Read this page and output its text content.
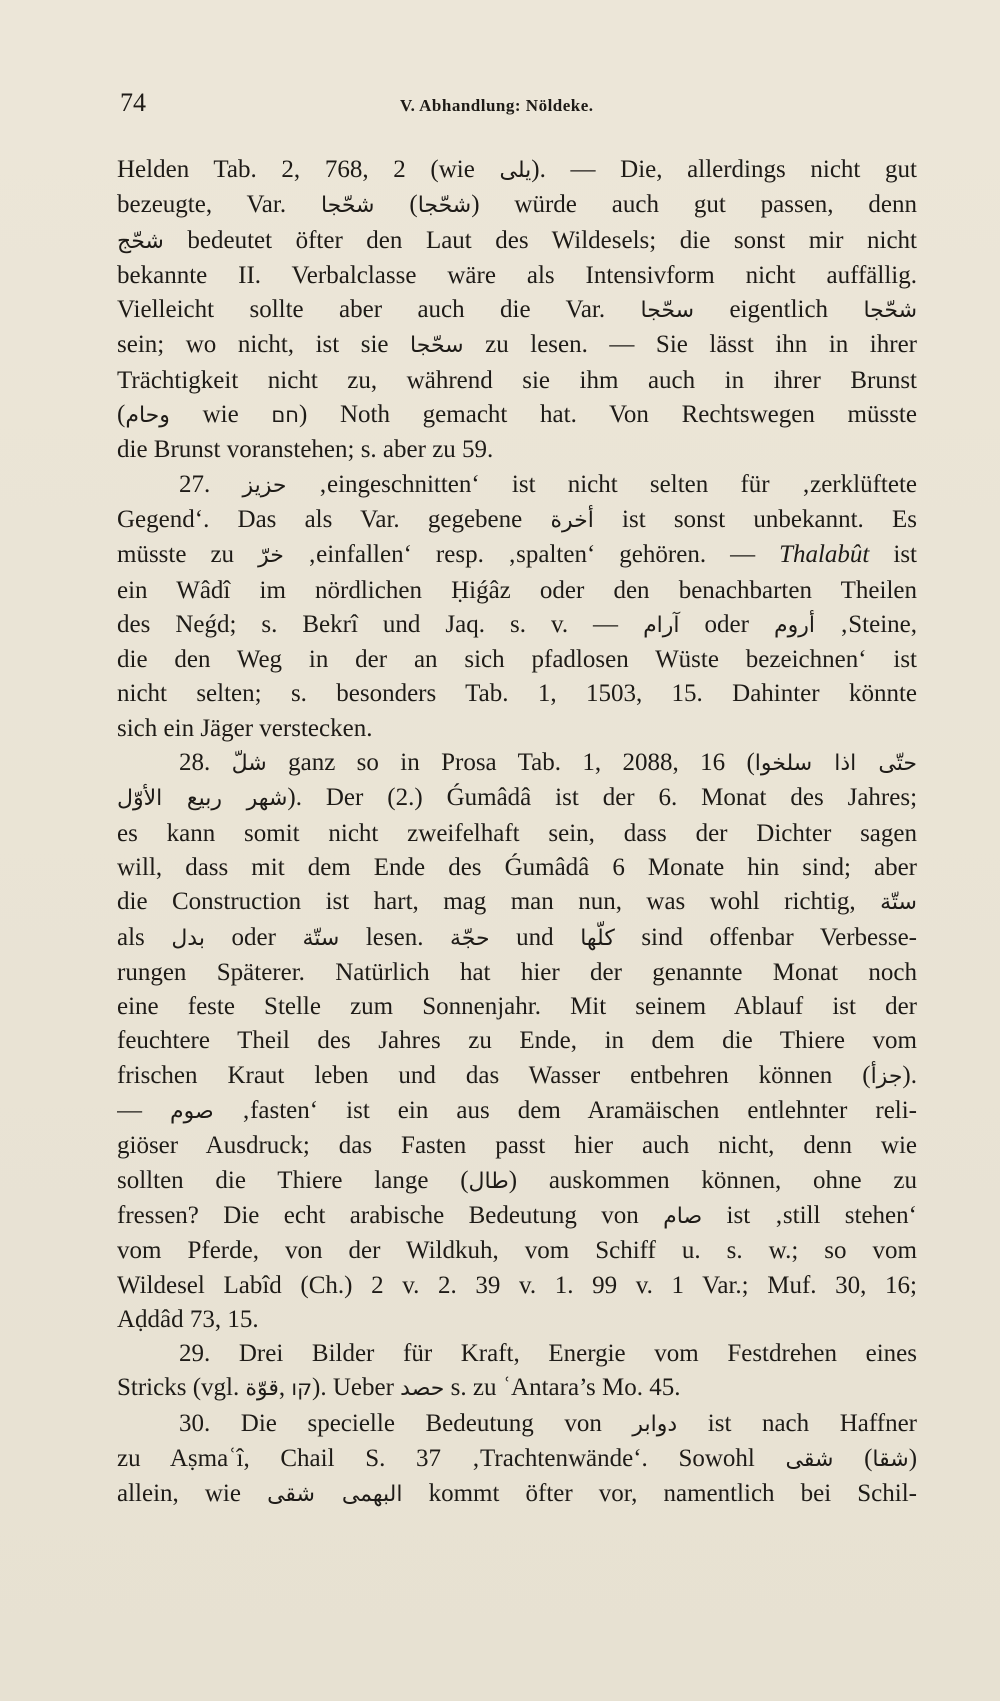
74	V. Abhandlung: Nöldeke.
Helden Tab. 2, 768, 2 (wie يلى). — Die, allerdings nicht gut
bezeugte, Var. شحّجا (شحّجا) würde auch gut passen, denn
شحّج bedeutet öfter den Laut des Wildesels; die sonst mir nicht
bekannte II. Verbalclasse wäre als Intensivform nicht auffällig.
Vielleicht sollte aber auch die Var. سحّجا eigentlich شحّجا
sein; wo nicht, ist sie سحّجا zu lesen. — Sie lässt ihn in ihrer
Trächtigkeit nicht zu, während sie ihm auch in ihrer Brunst
(وحام wie חם) Noth gemacht hat. Von Rechtswegen müsste
die Brunst voranstehen; s. aber zu 59.
27. حزيز ‚eingeschnitten‘ ist nicht selten für ‚zerklüftete
Gegend‘. Das als Var. gegebene أخرة ist sonst unbekannt. Es
müsste zu خرّ ‚einfallen‘ resp. ‚spalten‘ gehören. — Thalabût ist
ein Wâdî im nördlichen Ḥiǵâz oder den benachbarten Theilen
des Neǵd; s. Bekrî und Jaq. s. v. — آرام oder أروم ‚Steine,
die den Weg in der an sich pfadlosen Wüste bezeichnen‘ ist
nicht selten; s. besonders Tab. 1, 1503, 15. Dahinter könnte
sich ein Jäger verstecken.
28. شلّ ganz so in Prosa Tab. 1, 2088, 16 (حتّى اذا سلخوا
شهر ربيع الأوّل). Der (2.) Ǵumâdâ ist der 6. Monat des Jahres;
es kann somit nicht zweifelhaft sein, dass der Dichter sagen
will, dass mit dem Ende des Ǵumâdâ 6 Monate hin sind; aber
die Construction ist hart, mag man nun, was wohl richtig, ستّة
als بدل oder ستّة lesen. حجّة und كلّها sind offenbar Verbesse-
rungen Späterer. Natürlich hat hier der genannte Monat noch
eine feste Stelle zum Sonnenjahr. Mit seinem Ablauf ist der
feuchtere Theil des Jahres zu Ende, in dem die Thiere vom
frischen Kraut leben und das Wasser entbehren können (جزأ).
— صوم ‚fasten‘ ist ein aus dem Aramäischen entlehnter reli-
giöser Ausdruck; das Fasten passt hier auch nicht, denn wie
sollten die Thiere lange (طال) auskommen können, ohne zu
fressen? Die echt arabische Bedeutung von صام ist ‚still stehen‘
vom Pferde, von der Wildkuh, vom Schiff u. s. w.; so vom
Wildesel Labîd (Ch.) 2 v. 2. 39 v. 1. 99 v. 1 Var.; Muf. 30, 16;
Aḍdâd 73, 15.
29. Drei Bilder für Kraft, Energie vom Festdrehen eines
Stricks (vgl. قوّة, קו). Ueber حصد s. zu ʿAntara’s Mo. 45.
30. Die specielle Bedeutung von دوابر ist nach Haffner
zu Aṣmaʿî, Chail S. 37 ‚Trachtenwände‘. Sowohl شقى (شقا)
allein, wie	البهمى شقى	kommt öfter vor, namentlich bei Schil-
